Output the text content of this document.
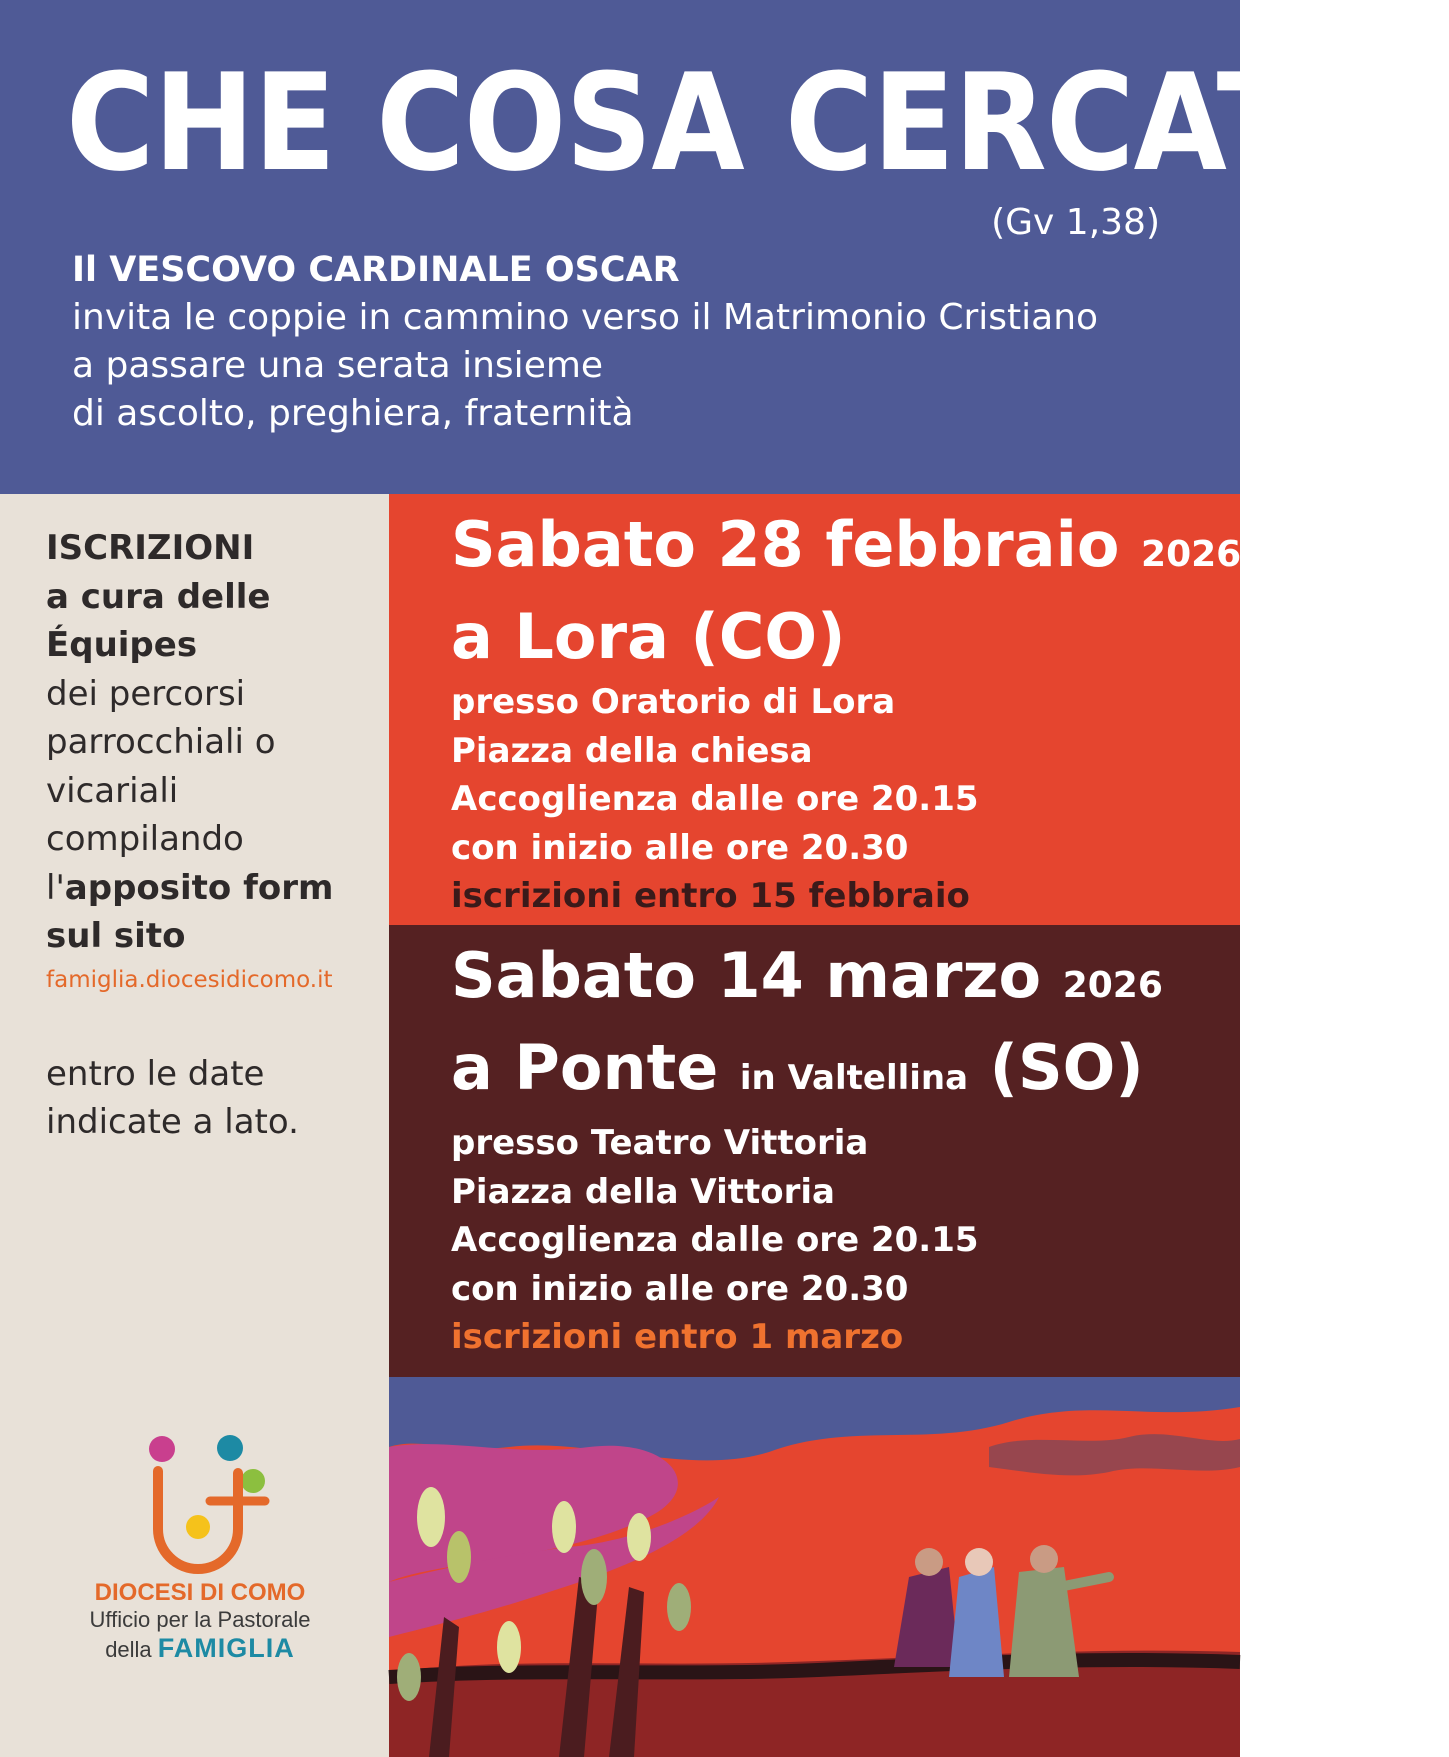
CHE COSA CERCATE?
(Gv 1,38)
Il VESCOVO CARDINALE OSCAR
invita le coppie in cammino verso il Matrimonio Cristiano
a passare una serata insieme
di ascolto, preghiera, fraternità
ISCRIZIONI
a cura delle
Équipes
dei percorsi
parrocchiali o
vicariali
compilando
l'apposito form
sul sito
famiglia.diocesidicomo.it
entro le date
indicate a lato.
DIOCESI DI COMO
Ufficio per la Pastorale
della FAMIGLIA
Sabato 28 febbraio 2026
a Lora (CO)
presso Oratorio di Lora
Piazza della chiesa
Accoglienza dalle ore 20.15
con inizio alle ore 20.30
iscrizioni entro 15 febbraio
Sabato 14 marzo 2026
a Ponte in Valtellina (SO)
presso Teatro Vittoria
Piazza della Vittoria
Accoglienza dalle ore 20.15
con inizio alle ore 20.30
iscrizioni entro 1 marzo
